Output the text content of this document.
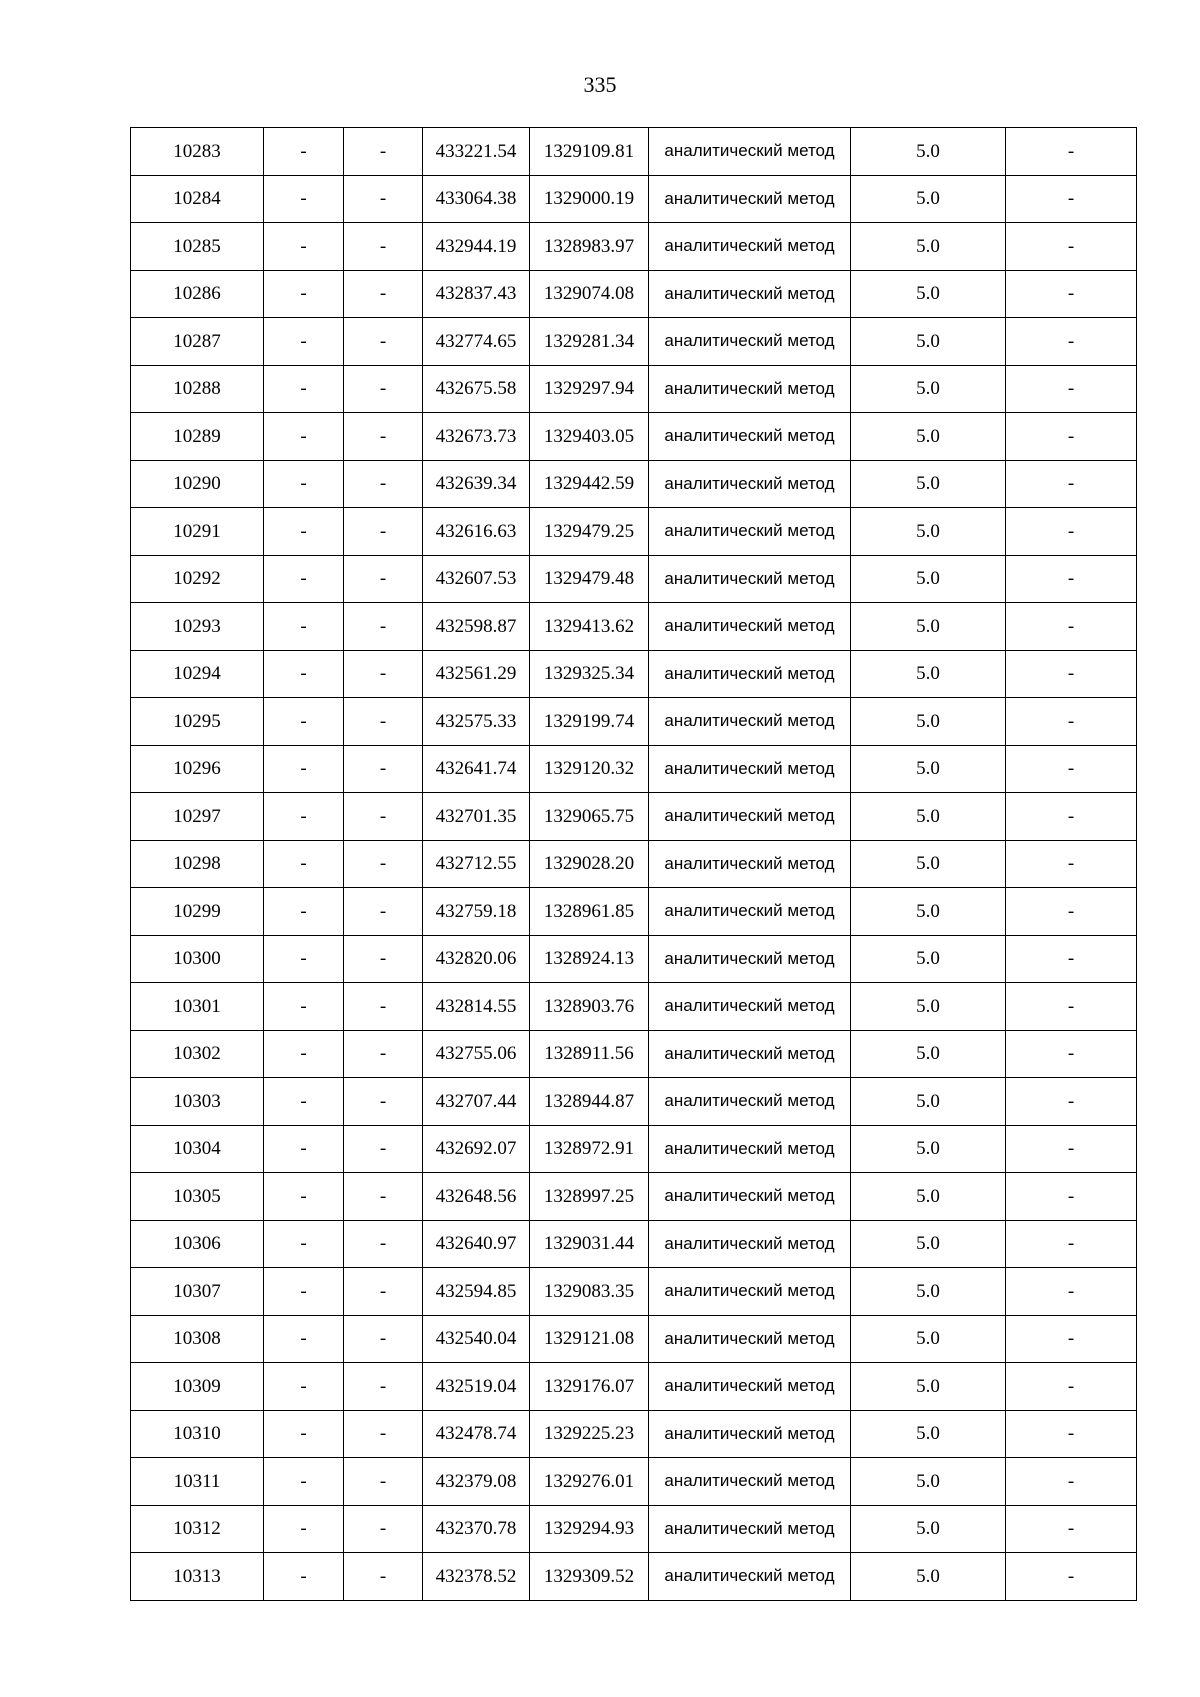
335
10283	-	-	433221.54	1329109.81	аналитический метод	5.0	-
10284	-	-	433064.38	1329000.19	аналитический метод	5.0	-
10285	-	-	432944.19	1328983.97	аналитический метод	5.0	-
10286	-	-	432837.43	1329074.08	аналитический метод	5.0	-
10287	-	-	432774.65	1329281.34	аналитический метод	5.0	-
10288	-	-	432675.58	1329297.94	аналитический метод	5.0	-
10289	-	-	432673.73	1329403.05	аналитический метод	5.0	-
10290	-	-	432639.34	1329442.59	аналитический метод	5.0	-
10291	-	-	432616.63	1329479.25	аналитический метод	5.0	-
10292	-	-	432607.53	1329479.48	аналитический метод	5.0	-
10293	-	-	432598.87	1329413.62	аналитический метод	5.0	-
10294	-	-	432561.29	1329325.34	аналитический метод	5.0	-
10295	-	-	432575.33	1329199.74	аналитический метод	5.0	-
10296	-	-	432641.74	1329120.32	аналитический метод	5.0	-
10297	-	-	432701.35	1329065.75	аналитический метод	5.0	-
10298	-	-	432712.55	1329028.20	аналитический метод	5.0	-
10299	-	-	432759.18	1328961.85	аналитический метод	5.0	-
10300	-	-	432820.06	1328924.13	аналитический метод	5.0	-
10301	-	-	432814.55	1328903.76	аналитический метод	5.0	-
10302	-	-	432755.06	1328911.56	аналитический метод	5.0	-
10303	-	-	432707.44	1328944.87	аналитический метод	5.0	-
10304	-	-	432692.07	1328972.91	аналитический метод	5.0	-
10305	-	-	432648.56	1328997.25	аналитический метод	5.0	-
10306	-	-	432640.97	1329031.44	аналитический метод	5.0	-
10307	-	-	432594.85	1329083.35	аналитический метод	5.0	-
10308	-	-	432540.04	1329121.08	аналитический метод	5.0	-
10309	-	-	432519.04	1329176.07	аналитический метод	5.0	-
10310	-	-	432478.74	1329225.23	аналитический метод	5.0	-
10311	-	-	432379.08	1329276.01	аналитический метод	5.0	-
10312	-	-	432370.78	1329294.93	аналитический метод	5.0	-
10313	-	-	432378.52	1329309.52	аналитический метод	5.0	-
